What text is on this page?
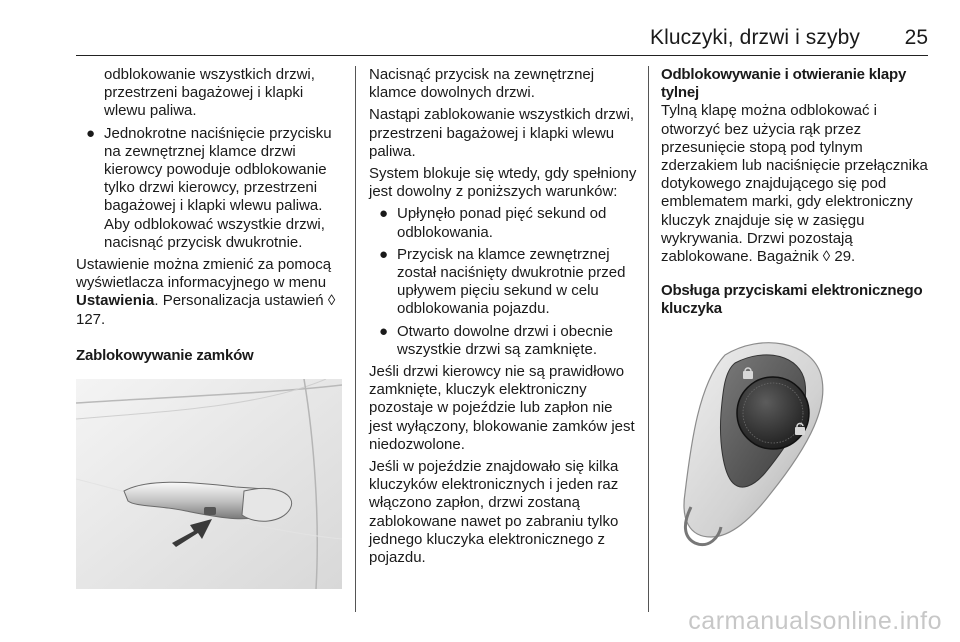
Kluczyki, drzwi i szyby 25

odblokowanie wszystkich drzwi, przestrzeni bagażowej i klapki wlewu paliwa.

● Jednokrotne naciśnięcie przycisku na zewnętrznej klamce drzwi kierowcy powoduje odblokowanie tylko drzwi kierowcy, przestrzeni bagażowej i klapki wlewu paliwa. Aby odblokować wszystkie drzwi, nacisnąć przycisk dwukrotnie.

Ustawienie można zmienić za pomocą wyświetlacza informacyjnego w menu Ustawienia. Personalizacja ustawień ◊ 127.

Zablokowywanie zamków

Nacisnąć przycisk na zewnętrznej klamce dowolnych drzwi.

Nastąpi zablokowanie wszystkich drzwi, przestrzeni bagażowej i klapki wlewu paliwa.

System blokuje się wtedy, gdy spełniony jest dowolny z poniższych warunków:

● Upłynęło ponad pięć sekund od odblokowania.
● Przycisk na klamce zewnętrznej został naciśnięty dwukrotnie przed upływem pięciu sekund w celu odblokowania pojazdu.
● Otwarto dowolne drzwi i obecnie wszystkie drzwi są zamknięte.

Jeśli drzwi kierowcy nie są prawidłowo zamknięte, kluczyk elektroniczny pozostaje w pojeździe lub zapłon nie jest wyłączony, blokowanie zamków jest niedozwolone.

Jeśli w pojeździe znajdowało się kilka kluczyków elektronicznych i jeden raz włączono zapłon, drzwi zostaną zablokowane nawet po zabraniu tylko jednego kluczyka elektronicznego z pojazdu.

Odblokowywanie i otwieranie klapy tylnej

Tylną klapę można odblokować i otworzyć bez użycia rąk przez przesunięcie stopą pod tylnym zderzakiem lub naciśnięcie przełącznika dotykowego znajdującego się pod emblematem marki, gdy elektroniczny kluczyk znajduje się w zasięgu wykrywania. Drzwi pozostają zablokowane. Bagażnik ◊ 29.

Obsługa przyciskami elektronicznego kluczyka
carmanualsonline.info
